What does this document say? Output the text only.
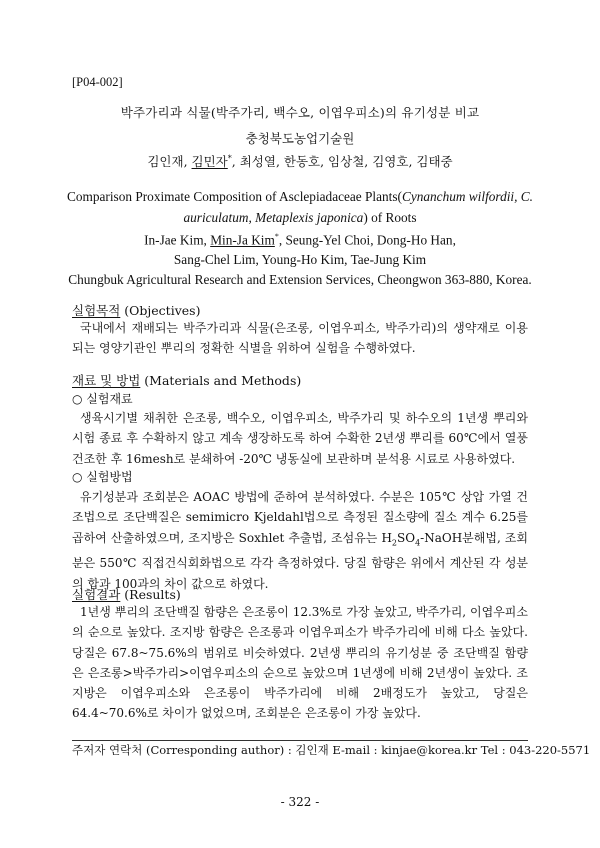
[P04-002]
박주가리과 식물(박주가리, 백수오, 이엽우피소)의 유기성분 비교
충청북도농업기술원
김인재, 김민자*, 최성열, 한동호, 임상철, 김영호, 김태중
Comparison Proximate Composition of Asclepiadaceae Plants(Cynanchum wilfordii, C.
auriculatum, Metaplexis japonica) of Roots
In-Jae Kim, Min-Ja Kim*, Seung-Yel Choi, Dong-Ho Han,
Sang-Chel Lim, Young-Ho Kim, Tae-Jung Kim
Chungbuk Agricultural Research and Extension Services, Cheongwon 363-880, Korea.
실험목적 (Objectives)
국내에서 재배되는 박주가리과 식물(은조롱, 이엽우피소, 박주가리)의 생약재로 이용되는 영양기관인 뿌리의 정확한 식별을 위하여 실험을 수행하였다.
재료 및 방법 (Materials and Methods)
○ 실험재료
생육시기별 채취한 은조롱, 백수오, 이엽우피소, 박주가리 및 하수오의 1년생 뿌리와 시험 종료 후 수확하지 않고 계속 생장하도록 하여 수확한 2년생 뿌리를 60℃에서 열풍건조한 후 16mesh로 분쇄하여 -20℃ 냉동실에 보관하며 분석용 시료로 사용하였다.
○ 실험방법
유기성분과 조회분은 AOAC 방법에 준하여 분석하였다. 수분은 105℃ 상압 가열 건조법으로 조단백질은 semimicro Kjeldahl법으로 측정된 질소량에 질소 계수 6.25를 곱하여 산출하였으며, 조지방은 Soxhlet 추출법, 조섬유는 $H_2SO_4$-NaOH분해법, 조회분은 550℃ 직접건식회화법으로 각각 측정하였다. 당질 함량은 위에서 계산된 각 성분의 합과 100과의 차이 값으로 하였다.
실험결과 (Results)
1년생 뿌리의 조단백질 함량은 은조롱이 12.3%로 가장 높았고, 박주가리, 이엽우피소의 순으로 높았다. 조지방 함량은 은조롱과 이엽우피소가 박주가리에 비해 다소 높았다. 당질은 67.8~75.6%의 범위로 비슷하였다. 2년생 뿌리의 유기성분 중 조단백질 함량은 은조롱>박주가리>이엽우피소의 순으로 높았으며 1년생에 비해 2년생이 높았다. 조지방은 이엽우피소와 은조롱이 박주가리에 비해 2배정도가 높았고, 당질은 64.4~70.6%로 차이가 없었으며, 조회분은 은조롱이 가장 높았다.
주저자 연락처 (Corresponding author) : 김인재 E-mail : kinjae@korea.kr Tel : 043-220-5571
- 322 -
